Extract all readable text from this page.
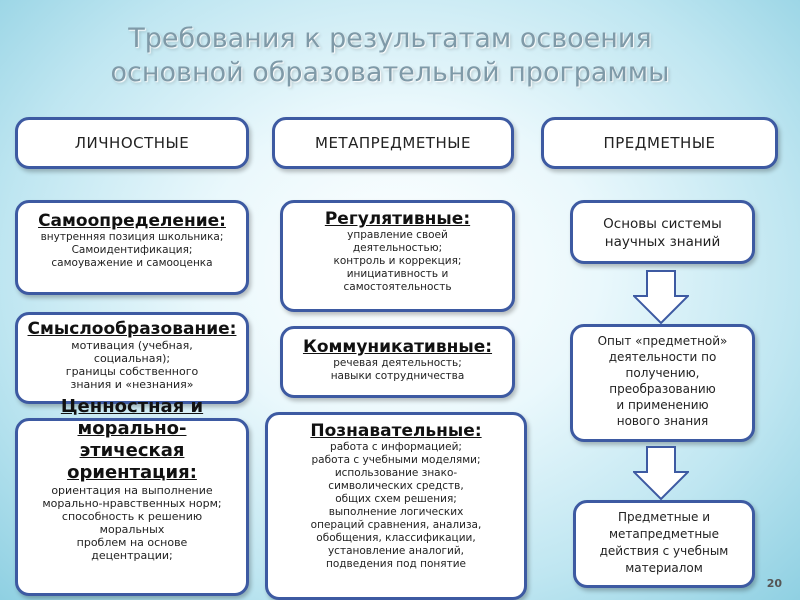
Требования к результатам освоения
основной образовательной программы
ЛИЧНОСТНЫЕ	МЕТАПРЕДМЕТНЫЕ	ПРЕДМЕТНЫЕ
Самоопределение:
внутренняя позиция школьника;
Самоидентификация;
самоуважение и самооценка
Смыслообразование:
мотивация (учебная,
социальная);
границы собственного
знания и «незнания»
Ценностная и
морально-
этическая
ориентация:
ориентация на выполнение
морально-нравственных норм;
способность к решению
моральных
проблем на основе
децентрации;
Регулятивные:
управление своей
деятельностью;
контроль и коррекция;
инициативность и
самостоятельность
Коммуникативные:
речевая деятельность;
навыки сотрудничества
Познавательные:
работа с информацией;
работа с учебными моделями;
использование знако-
символических средств,
общих схем решения;
выполнение логических
операций сравнения, анализа,
обобщения, классификации,
установление аналогий,
подведения под понятие
Основы системы
научных знаний
Опыт «предметной»
деятельности по
получению,
преобразованию
и применению
нового знания
Предметные и
метапредметные
действия с учебным
материалом
20
